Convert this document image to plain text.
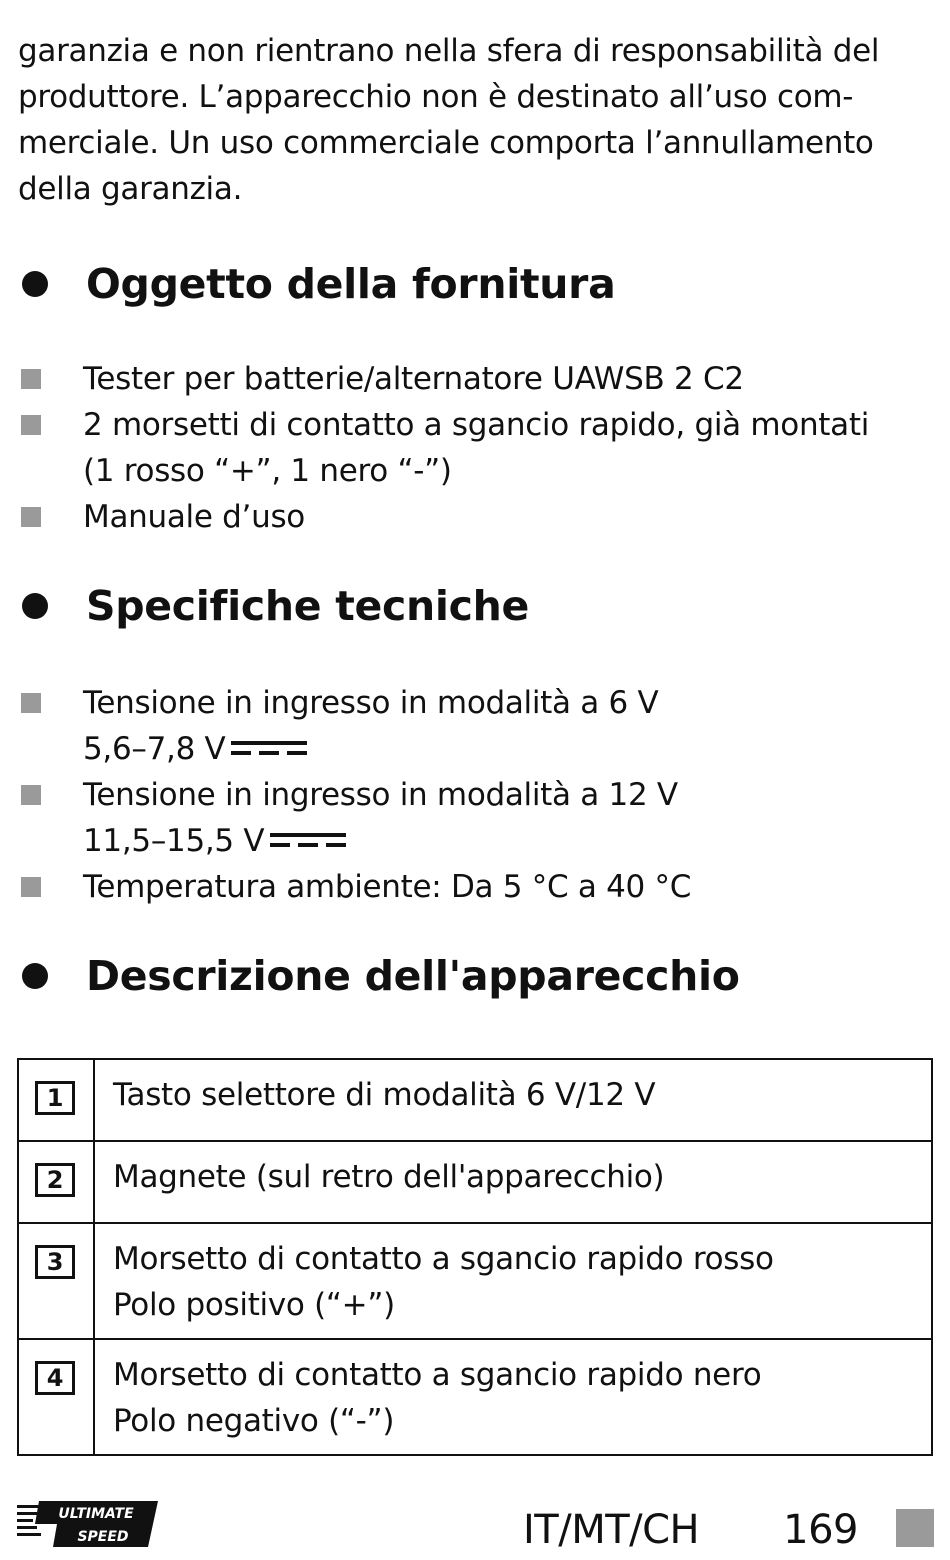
garanzia e non rientrano nella sfera di responsabilità del
produttore. L’apparecchio non è destinato all’uso com-
merciale. Un uso commerciale comporta l’annullamento
della garanzia.

Oggetto della fornitura
Tester per batterie/alternatore UAWSB 2 C2
2 morsetti di contatto a sgancio rapido, già montati
(1 rosso “+”, 1 nero “-”)
Manuale d’uso
Specifiche tecniche
Tensione in ingresso in modalità a 6 V
5,6–7,8 V
Tensione in ingresso in modalità a 12 V
11,5–15,5 V
Temperatura ambiente: Da 5 °C a 40 °C
Descrizione dell'apparecchio
1	Tasto selettore di modalità 6 V/12 V

2	Magnete (sul retro dell'apparecchio)

3	Morsetto di contatto a sgancio rapido rosso
Polo positivo (“+”)

4	Morsetto di contatto a sgancio rapido nero
Polo negativo (“-”)
ULTIMATE
SPEED	IT/MT/CH 169
